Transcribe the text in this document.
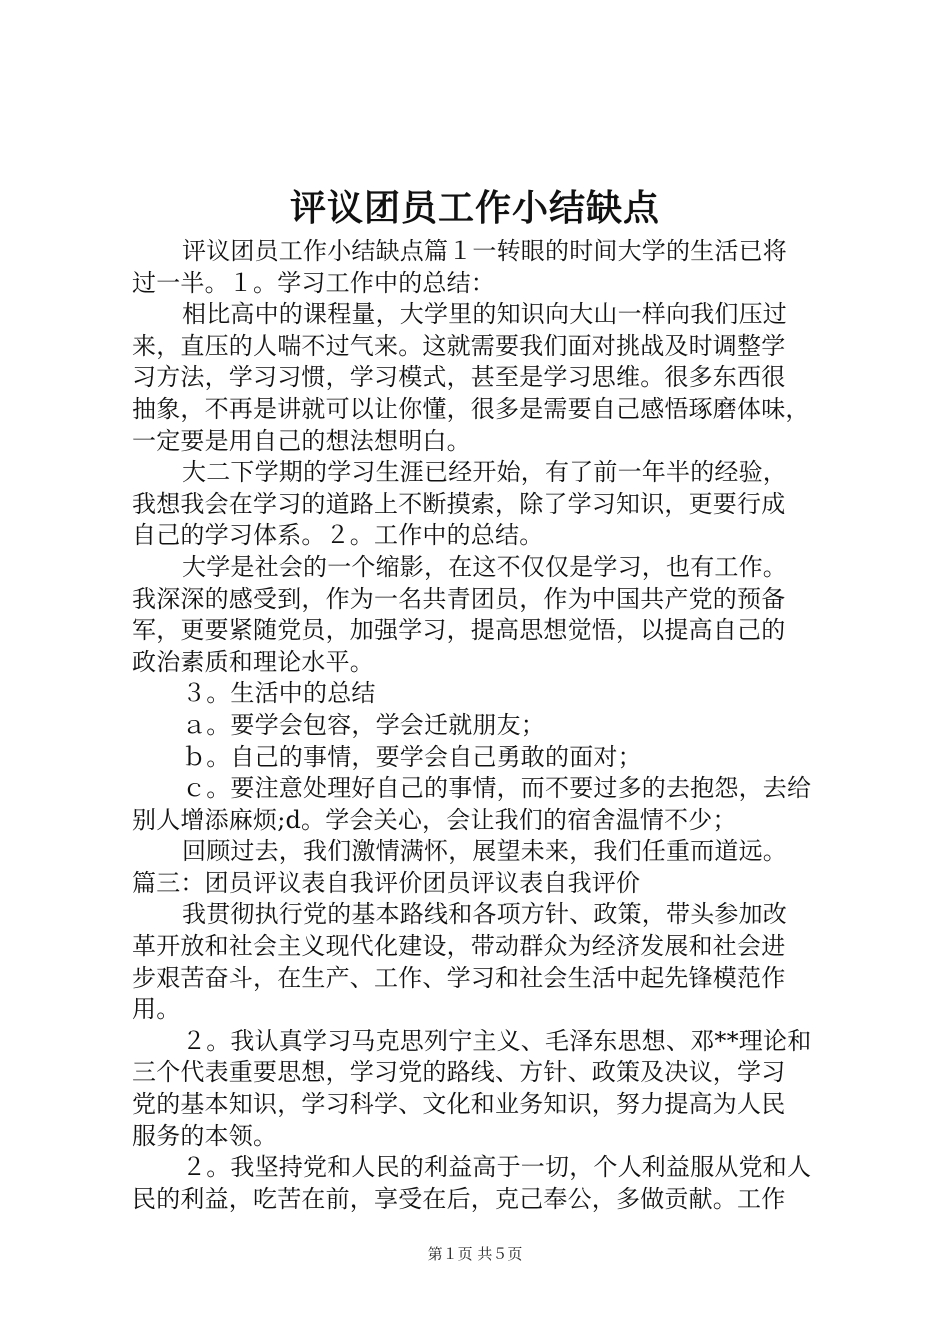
评议团员工作小结缺点
评议团员工作小结缺点篇１一转眼的时间大学的生活已将
过一半。１。学习工作中的总结：
相比高中的课程量，大学里的知识向大山一样向我们压过
来，直压的人喘不过气来。这就需要我们面对挑战及时调整学
习方法，学习习惯，学习模式，甚至是学习思维。很多东西很
抽象，不再是讲就可以让你懂，很多是需要自己感悟琢磨体味，
一定要是用自己的想法想明白。
大二下学期的学习生涯已经开始，有了前一年半的经验，
我想我会在学习的道路上不断摸索，除了学习知识，更要行成
自己的学习体系。２。工作中的总结。
大学是社会的一个缩影，在这不仅仅是学习，也有工作。
我深深的感受到，作为一名共青团员，作为中国共产党的预备
军，更要紧随党员，加强学习，提高思想觉悟，以提高自己的
政治素质和理论水平。
３。生活中的总结
ａ。要学会包容，学会迁就朋友；
ｂ。自己的事情，要学会自己勇敢的面对；
ｃ。要注意处理好自己的事情，而不要过多的去抱怨，去给
别人增添麻烦;d。学会关心，会让我们的宿舍温情不少；
回顾过去，我们激情满怀，展望未来，我们任重而道远。
篇三：团员评议表自我评价团员评议表自我评价
我贯彻执行党的基本路线和各项方针、政策，带头参加改
革开放和社会主义现代化建设，带动群众为经济发展和社会进
步艰苦奋斗，在生产、工作、学习和社会生活中起先锋模范作
用。
２。我认真学习马克思列宁主义、毛泽东思想、邓**理论和
三个代表重要思想，学习党的路线、方针、政策及决议，学习
党的基本知识，学习科学、文化和业务知识，努力提高为人民
服务的本领。
２。我坚持党和人民的利益高于一切，个人利益服从党和人
民的利益，吃苦在前，享受在后，克己奉公，多做贡献。工作
第１页 共５页
